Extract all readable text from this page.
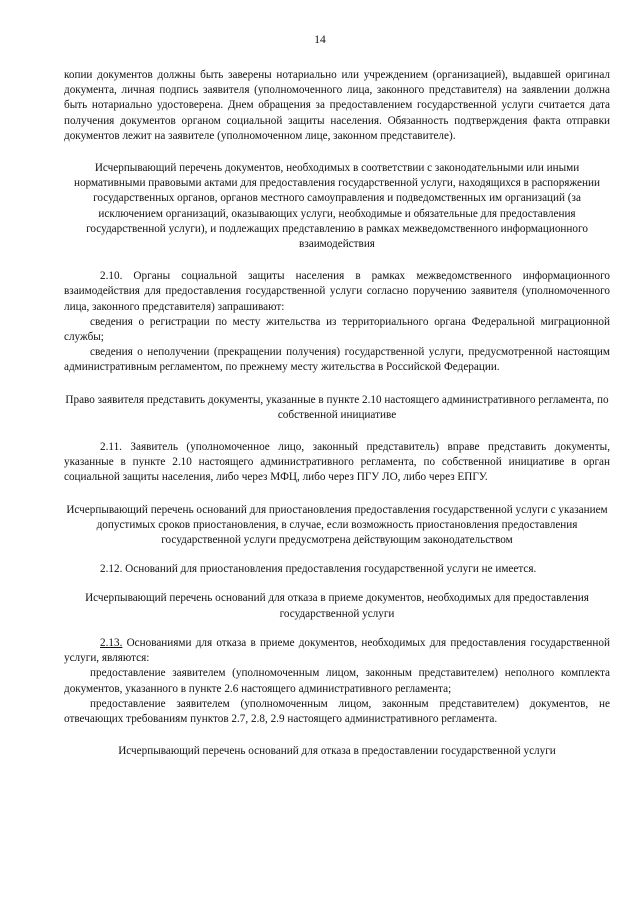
14

копии документов должны быть заверены нотариально или учреждением (организацией), выдавшей оригинал документа, личная подпись заявителя (уполномоченного лица, законного представителя) на заявлении должна быть нотариально удостоверена. Днем обращения за предоставлением государственной услуги считается дата получения документов органом социальной защиты населения. Обязанность подтверждения факта отправки документов лежит на заявителе (уполномоченном лице, законном представителе).

Исчерпывающий перечень документов, необходимых в соответствии с законодательными или иными нормативными правовыми актами для предоставления государственной услуги, находящихся в распоряжении государственных органов, органов местного самоуправления и подведомственных им организаций (за исключением организаций, оказывающих услуги, необходимые и обязательные для предоставления государственной услуги), и подлежащих представлению в рамках межведомственного информационного взаимодействия

2.10. Органы социальной защиты населения в рамках межведомственного информационного взаимодействия для предоставления государственной услуги согласно поручению заявителя (уполномоченного лица, законного представителя) запрашивают:

сведения о регистрации по месту жительства из территориального органа Федеральной миграционной службы;

сведения о неполучении (прекращении получения) государственной услуги, предусмотренной настоящим административным регламентом, по прежнему месту жительства в Российской Федерации.

Право заявителя представить документы, указанные в пункте 2.10 настоящего административного регламента, по собственной инициативе

2.11. Заявитель (уполномоченное лицо, законный представитель) вправе представить документы, указанные в пункте 2.10 настоящего административного регламента, по собственной инициативе в орган социальной защиты населения, либо через МФЦ, либо через ПГУ ЛО, либо через ЕПГУ.

Исчерпывающий перечень оснований для приостановления предоставления государственной услуги с указанием допустимых сроков приостановления, в случае, если возможность приостановления предоставления государственной услуги предусмотрена действующим законодательством

2.12. Оснований для приостановления предоставления государственной услуги не имеется.

Исчерпывающий перечень оснований для отказа в приеме документов, необходимых для предоставления государственной услуги

2.13. Основаниями для отказа в приеме документов, необходимых для предоставления государственной услуги, являются:

предоставление заявителем (уполномоченным лицом, законным представителем) неполного комплекта документов, указанного в пункте 2.6 настоящего административного регламента;

предоставление заявителем (уполномоченным лицом, законным представителем) документов, не отвечающих требованиям пунктов 2.7, 2.8, 2.9 настоящего административного регламента.

Исчерпывающий перечень оснований для отказа в предоставлении государственной услуги
